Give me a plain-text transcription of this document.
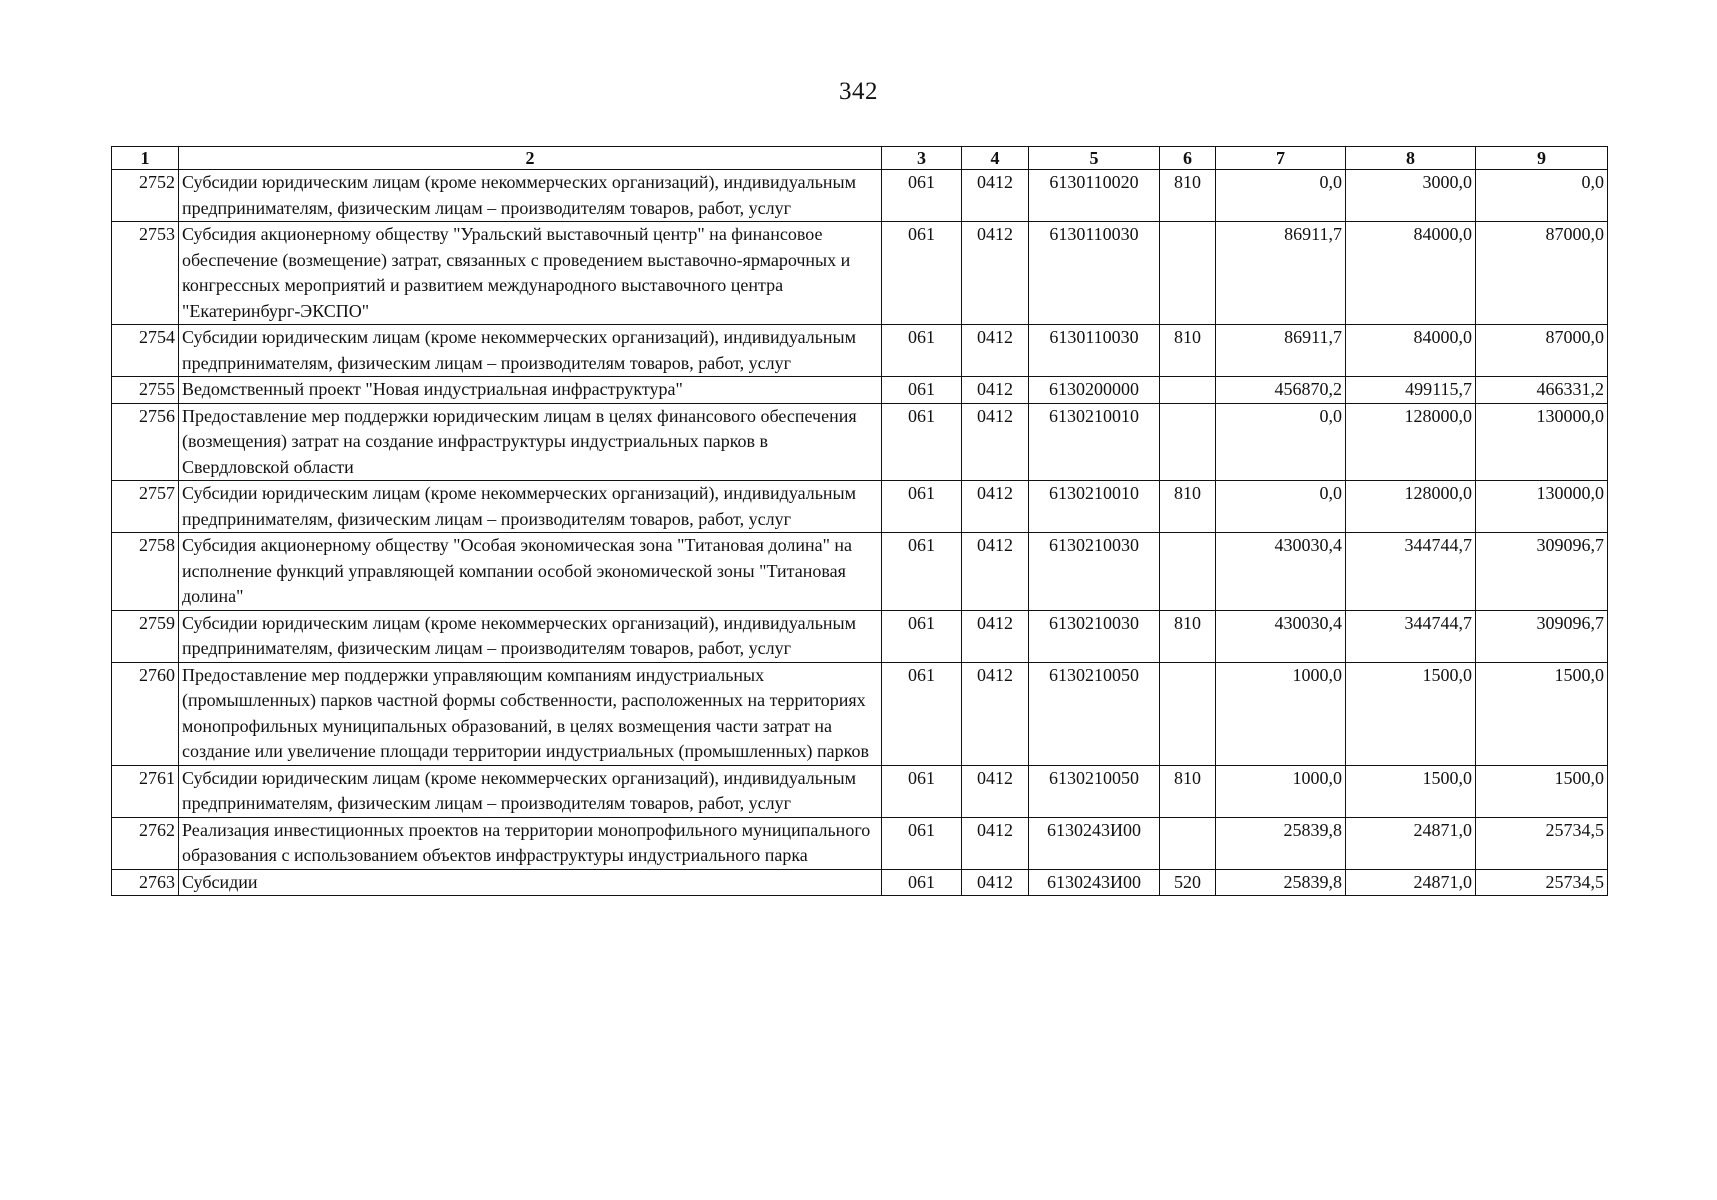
342
1	2	3	4	5	6	7	8	9
2752	Субсидии юридическим лицам (кроме некоммерческих организаций), индивидуальным предпринимателям, физическим лицам – производителям товаров, работ, услуг	061	0412	6130110020	810	0,0	3000,0	0,0
2753	Субсидия акционерному обществу "Уральский выставочный центр" на финансовое обеспечение (возмещение) затрат, связанных с проведением выставочно-ярмарочных и конгрессных мероприятий и развитием международного выставочного центра "Екатеринбург-ЭКСПО"	061	0412	6130110030		86911,7	84000,0	87000,0
2754	Субсидии юридическим лицам (кроме некоммерческих организаций), индивидуальным предпринимателям, физическим лицам – производителям товаров, работ, услуг	061	0412	6130110030	810	86911,7	84000,0	87000,0
2755	Ведомственный проект "Новая индустриальная инфраструктура"	061	0412	6130200000		456870,2	499115,7	466331,2
2756	Предоставление мер поддержки юридическим лицам в целях финансового обеспечения (возмещения) затрат на создание инфраструктуры индустриальных парков в Свердловской области	061	0412	6130210010		0,0	128000,0	130000,0
2757	Субсидии юридическим лицам (кроме некоммерческих организаций), индивидуальным предпринимателям, физическим лицам – производителям товаров, работ, услуг	061	0412	6130210010	810	0,0	128000,0	130000,0
2758	Субсидия акционерному обществу "Особая экономическая зона "Титановая долина" на исполнение функций управляющей компании особой экономической зоны "Титановая долина"	061	0412	6130210030		430030,4	344744,7	309096,7
2759	Субсидии юридическим лицам (кроме некоммерческих организаций), индивидуальным предпринимателям, физическим лицам – производителям товаров, работ, услуг	061	0412	6130210030	810	430030,4	344744,7	309096,7
2760	Предоставление мер поддержки управляющим компаниям индустриальных (промышленных) парков частной формы собственности, расположенных на территориях монопрофильных муниципальных образований, в целях возмещения части затрат на создание или увеличение площади территории индустриальных (промышленных) парков	061	0412	6130210050		1000,0	1500,0	1500,0
2761	Субсидии юридическим лицам (кроме некоммерческих организаций), индивидуальным предпринимателям, физическим лицам – производителям товаров, работ, услуг	061	0412	6130210050	810	1000,0	1500,0	1500,0
2762	Реализация инвестиционных проектов на территории монопрофильного муниципального образования с использованием объектов инфраструктуры индустриального парка	061	0412	6130243И00		25839,8	24871,0	25734,5
2763	Субсидии	061	0412	6130243И00	520	25839,8	24871,0	25734,5
